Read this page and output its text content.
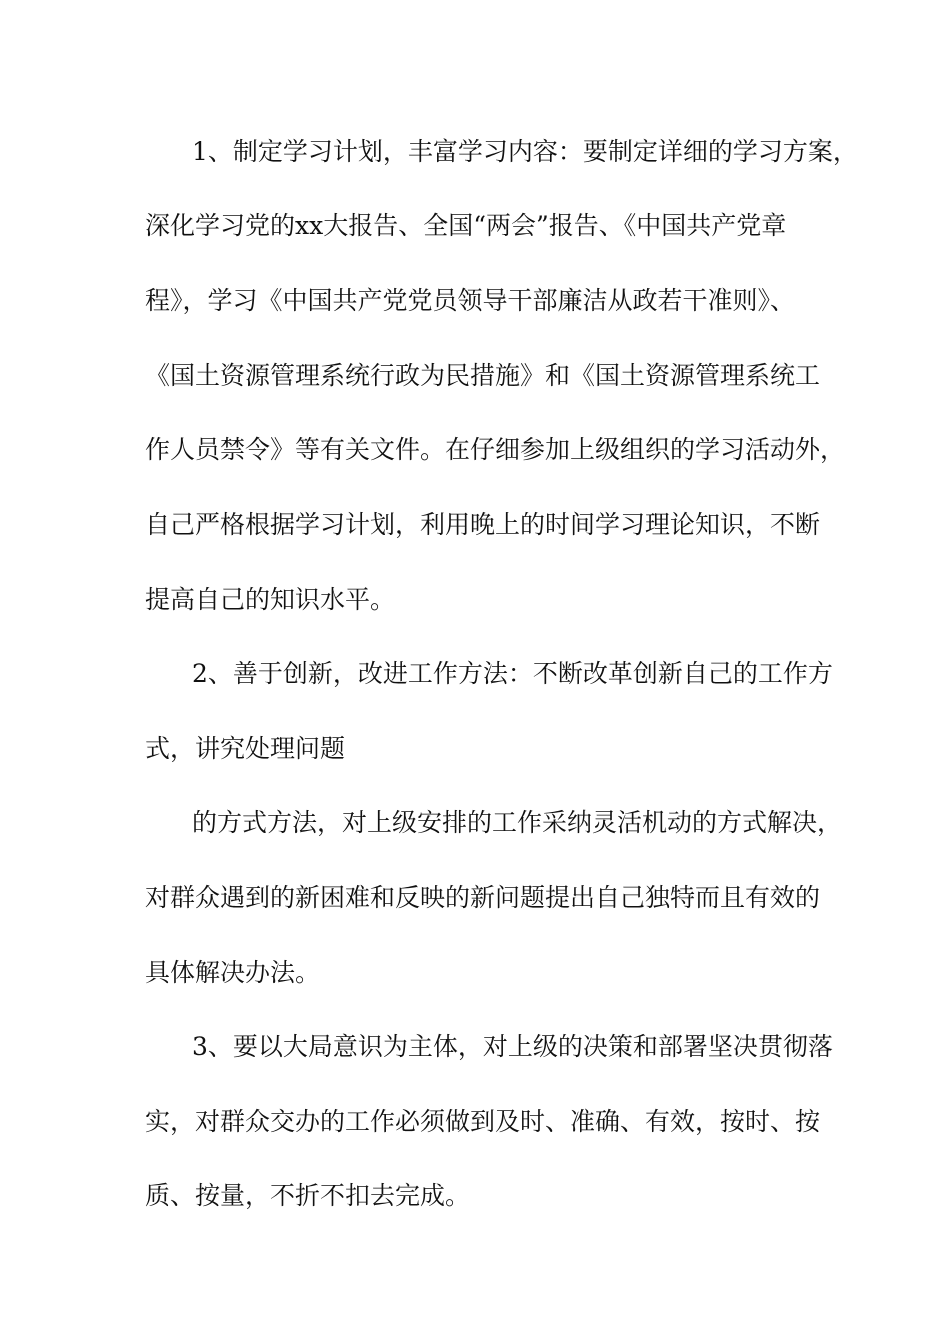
1、制定学习计划，丰富学习内容：要制定详细的学习方案，

深化学习党的xx大报告、全国“两会”报告、《中国共产党章

程》，学习《中国共产党党员领导干部廉洁从政若干准则》、

《国土资源管理系统行政为民措施》和《国土资源管理系统工

作人员禁令》等有关文件。在仔细参加上级组织的学习活动外，

自己严格根据学习计划，利用晚上的时间学习理论知识，不断

提高自己的知识水平。

2、善于创新，改进工作方法：不断改革创新自己的工作方

式，讲究处理问题

的方式方法，对上级安排的工作采纳灵活机动的方式解决，

对群众遇到的新困难和反映的新问题提出自己独特而且有效的

具体解决办法。

3、要以大局意识为主体，对上级的决策和部署坚决贯彻落

实，对群众交办的工作必须做到及时、准确、有效，按时、按

质、按量，不折不扣去完成。
